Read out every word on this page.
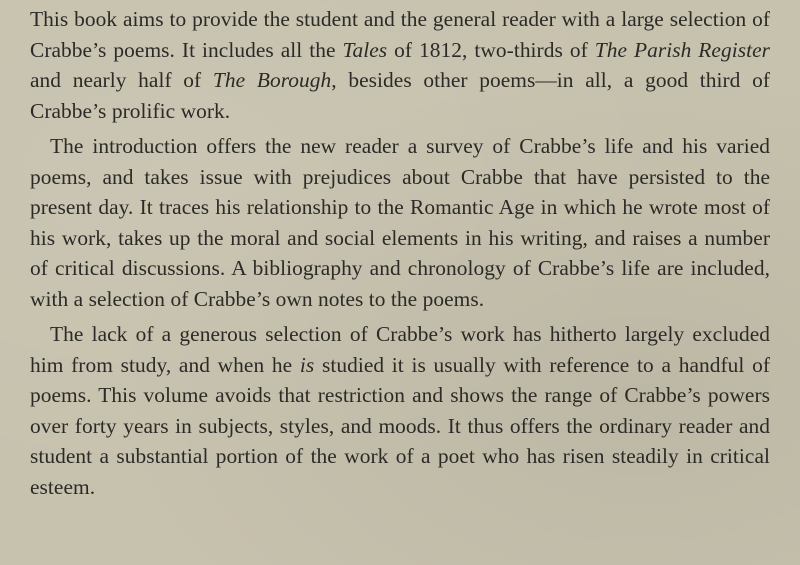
This book aims to provide the student and the general reader with a large selection of Crabbe’s poems. It includes all the Tales of 1812, two-thirds of The Parish Register and nearly half of The Borough, besides other poems—in all, a good third of Crabbe’s prolific work.

The introduction offers the new reader a survey of Crabbe’s life and his varied poems, and takes issue with prejudices about Crabbe that have persisted to the present day. It traces his relationship to the Romantic Age in which he wrote most of his work, takes up the moral and social elements in his writing, and raises a number of critical discussions. A bibliography and chronology of Crabbe’s life are included, with a selection of Crabbe’s own notes to the poems.

The lack of a generous selection of Crabbe’s work has hitherto largely excluded him from study, and when he is studied it is usually with reference to a handful of poems. This volume avoids that restriction and shows the range of Crabbe’s powers over forty years in subjects, styles, and moods. It thus offers the ordinary reader and student a substantial portion of the work of a poet who has risen steadily in critical esteem.
